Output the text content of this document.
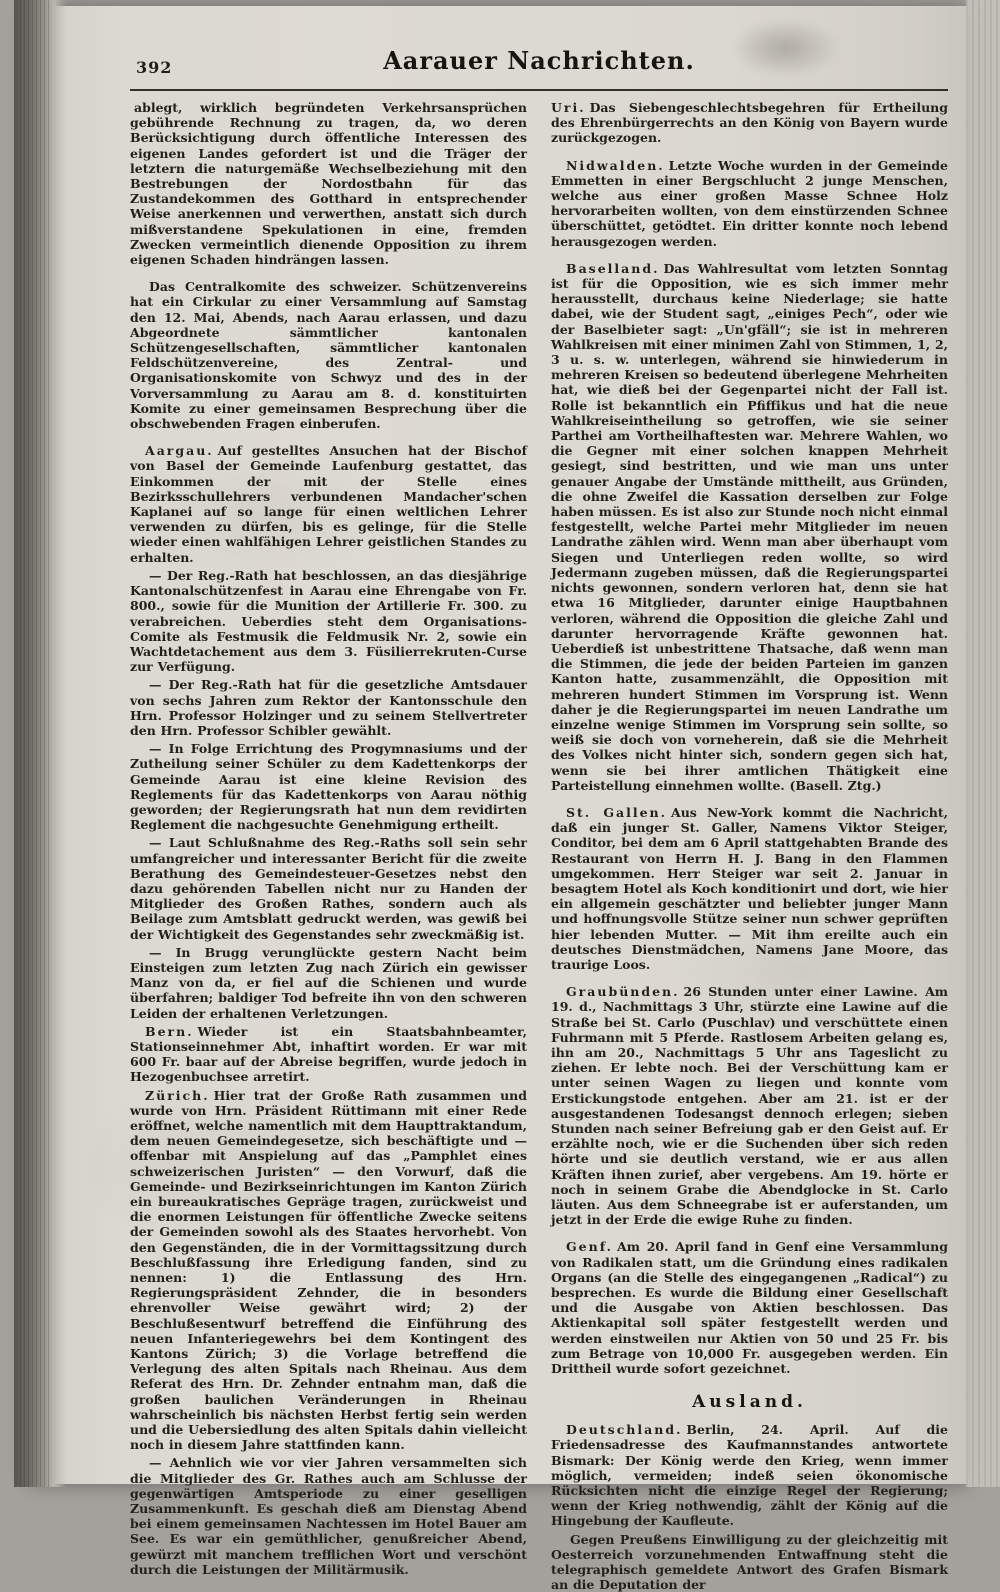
392	Aarauer Nachrichten.

ablegt, wirklich begründeten Verkehrsansprüchen gebührende Rechnung zu tragen, da, wo deren Berücksichtigung durch öffentliche Interessen des eigenen Landes gefordert ist und die Träger der letztern die naturgemäße Wechselbeziehung mit den Bestrebungen der Nordostbahn für das Zustandekommen des Gotthard in entsprechender Weise anerkennen und verwerthen, anstatt sich durch mißverstandene Spekulationen in eine, fremden Zwecken vermeintlich dienende Opposition zu ihrem eigenen Schaden hindrängen lassen.

Das Centralkomite des schweizer. Schützenvereins hat ein Cirkular zu einer Versammlung auf Samstag den 12. Mai, Abends, nach Aarau erlassen, und dazu Abgeordnete sämmtlicher kantonalen Schützengesellschaften, sämmtlicher kantonalen Feldschützenvereine, des Zentral- und Organisationskomite von Schwyz und des in der Vorversammlung zu Aarau am 8. d. konstituirten Komite zu einer gemeinsamen Besprechung über die obschwebenden Fragen einberufen.

Aargau. Auf gestelltes Ansuchen hat der Bischof von Basel der Gemeinde Laufenburg gestattet, das Einkommen der mit der Stelle eines Bezirksschullehrers verbundenen Mandacher'schen Kaplanei auf so lange für einen weltlichen Lehrer verwenden zu dürfen, bis es gelinge, für die Stelle wieder einen wahlfähigen Lehrer geistlichen Standes zu erhalten.

— Der Reg.-Rath hat beschlossen, an das diesjährige Kantonalschützenfest in Aarau eine Ehrengabe von Fr. 800., sowie für die Munition der Artillerie Fr. 300. zu verabreichen. Ueberdies steht dem Organisations-Comite als Festmusik die Feldmusik Nr. 2, sowie ein Wachtdetachement aus dem 3. Füsilierrekruten-Curse zur Verfügung.

— Der Reg.-Rath hat für die gesetzliche Amtsdauer von sechs Jahren zum Rektor der Kantonsschule den Hrn. Professor Holzinger und zu seinem Stellvertreter den Hrn. Professor Schibler gewählt.

— In Folge Errichtung des Progymnasiums und der Zutheilung seiner Schüler zu dem Kadettenkorps der Gemeinde Aarau ist eine kleine Revision des Reglements für das Kadettenkorps von Aarau nöthig geworden; der Regierungsrath hat nun dem revidirten Reglement die nachgesuchte Genehmigung ertheilt.

— Laut Schlußnahme des Reg.-Raths soll sein sehr umfangreicher und interessanter Bericht für die zweite Berathung des Gemeindesteuer-Gesetzes nebst den dazu gehörenden Tabellen nicht nur zu Handen der Mitglieder des Großen Rathes, sondern auch als Beilage zum Amtsblatt gedruckt werden, was gewiß bei der Wichtigkeit des Gegenstandes sehr zweckmäßig ist.

— In Brugg verunglückte gestern Nacht beim Einsteigen zum letzten Zug nach Zürich ein gewisser Manz von da, er fiel auf die Schienen und wurde überfahren; baldiger Tod befreite ihn von den schweren Leiden der erhaltenen Verletzungen.

Bern. Wieder ist ein Staatsbahnbeamter, Stationseinnehmer Abt, inhaftirt worden. Er war mit 600 Fr. baar auf der Abreise begriffen, wurde jedoch in Hezogenbuchsee arretirt.

Zürich. Hier trat der Große Rath zusammen und wurde von Hrn. Präsident Rüttimann mit einer Rede eröffnet, welche namentlich mit dem Haupttraktandum, dem neuen Gemeindegesetze, sich beschäftigte und — offenbar mit Anspielung auf das „Pamphlet eines schweizerischen Juristen“ — den Vorwurf, daß die Gemeinde- und Bezirkseinrichtungen im Kanton Zürich ein bureaukratisches Gepräge tragen, zurückweist und die enormen Leistungen für öffentliche Zwecke seitens der Gemeinden sowohl als des Staates hervorhebt. Von den Gegenständen, die in der Vormittagssitzung durch Beschlußfassung ihre Erledigung fanden, sind zu nennen: 1) die Entlassung des Hrn. Regierungspräsident Zehnder, die in besonders ehrenvoller Weise gewährt wird; 2) der Beschlußesentwurf betreffend die Einführung des neuen Infanteriegewehrs bei dem Kontingent des Kantons Zürich; 3) die Vorlage betreffend die Verlegung des alten Spitals nach Rheinau. Aus dem Referat des Hrn. Dr. Zehnder entnahm man, daß die großen baulichen Veränderungen in Rheinau wahrscheinlich bis nächsten Herbst fertig sein werden und die Uebersiedlung des alten Spitals dahin vielleicht noch in diesem Jahre stattfinden kann.

— Aehnlich wie vor vier Jahren versammelten sich die Mitglieder des Gr. Rathes auch am Schlusse der gegenwärtigen Amtsperiode zu einer geselligen Zusammenkunft. Es geschah dieß am Dienstag Abend bei einem gemeinsamen Nachtessen im Hotel Bauer am See. Es war ein gemüthlicher, genußreicher Abend, gewürzt mit manchem trefflichen Wort und verschönt durch die Leistungen der Militärmusik.

Uri. Das Siebengeschlechtsbegehren für Ertheilung des Ehrenbürgerrechts an den König von Bayern wurde zurückgezogen.

Nidwalden. Letzte Woche wurden in der Gemeinde Emmetten in einer Bergschlucht 2 junge Menschen, welche aus einer großen Masse Schnee Holz hervorarbeiten wollten, von dem einstürzenden Schnee überschüttet, getödtet. Ein dritter konnte noch lebend herausgezogen werden.

Baselland. Das Wahlresultat vom letzten Sonntag ist für die Opposition, wie es sich immer mehr herausstellt, durchaus keine Niederlage; sie hatte dabei, wie der Student sagt, „einiges Pech“, oder wie der Baselbieter sagt: „Un'gfäll“; sie ist in mehreren Wahlkreisen mit einer minimen Zahl von Stimmen, 1, 2, 3 u. s. w. unterlegen, während sie hinwiederum in mehreren Kreisen so bedeutend überlegene Mehrheiten hat, wie dieß bei der Gegenpartei nicht der Fall ist. Rolle ist bekanntlich ein Pfiffikus und hat die neue Wahlkreiseintheilung so getroffen, wie sie seiner Parthei am Vortheilhaftesten war. Mehrere Wahlen, wo die Gegner mit einer solchen knappen Mehrheit gesiegt, sind bestritten, und wie man uns unter genauer Angabe der Umstände mittheilt, aus Gründen, die ohne Zweifel die Kassation derselben zur Folge haben müssen. Es ist also zur Stunde noch nicht einmal festgestellt, welche Partei mehr Mitglieder im neuen Landrathe zählen wird. Wenn man aber überhaupt vom Siegen und Unterliegen reden wollte, so wird Jedermann zugeben müssen, daß die Regierungspartei nichts gewonnen, sondern verloren hat, denn sie hat etwa 16 Mitglieder, darunter einige Hauptbahnen verloren, während die Opposition die gleiche Zahl und darunter hervorragende Kräfte gewonnen hat. Ueberdieß ist unbestrittene Thatsache, daß wenn man die Stimmen, die jede der beiden Parteien im ganzen Kanton hatte, zusammenzählt, die Opposition mit mehreren hundert Stimmen im Vorsprung ist. Wenn daher je die Regierungspartei im neuen Landrathe um einzelne wenige Stimmen im Vorsprung sein sollte, so weiß sie doch von vorneherein, daß sie die Mehrheit des Volkes nicht hinter sich, sondern gegen sich hat, wenn sie bei ihrer amtlichen Thätigkeit eine Parteistellung einnehmen wollte. (Basell. Ztg.)

St. Gallen. Aus New-York kommt die Nachricht, daß ein junger St. Galler, Namens Viktor Steiger, Conditor, bei dem am 6 April stattgehabten Brande des Restaurant von Herrn H. J. Bang in den Flammen umgekommen. Herr Steiger war seit 2. Januar in besagtem Hotel als Koch konditionirt und dort, wie hier ein allgemein geschätzter und beliebter junger Mann und hoffnungsvolle Stütze seiner nun schwer geprüften hier lebenden Mutter. — Mit ihm ereilte auch ein deutsches Dienstmädchen, Namens Jane Moore, das traurige Loos.

Graubünden. 26 Stunden unter einer Lawine. Am 19. d., Nachmittags 3 Uhr, stürzte eine Lawine auf die Straße bei St. Carlo (Puschlav) und verschüttete einen Fuhrmann mit 5 Pferde. Rastlosem Arbeiten gelang es, ihn am 20., Nachmittags 5 Uhr ans Tageslicht zu ziehen. Er lebte noch. Bei der Verschüttung kam er unter seinen Wagen zu liegen und konnte vom Erstickungstode entgehen. Aber am 21. ist er der ausgestandenen Todesangst dennoch erlegen; sieben Stunden nach seiner Befreiung gab er den Geist auf. Er erzählte noch, wie er die Suchenden über sich reden hörte und sie deutlich verstand, wie er aus allen Kräften ihnen zurief, aber vergebens. Am 19. hörte er noch in seinem Grabe die Abendglocke in St. Carlo läuten. Aus dem Schneegrabe ist er auferstanden, um jetzt in der Erde die ewige Ruhe zu finden.

Genf. Am 20. April fand in Genf eine Versammlung von Radikalen statt, um die Gründung eines radikalen Organs (an die Stelle des eingegangenen „Radical“) zu besprechen. Es wurde die Bildung einer Gesellschaft und die Ausgabe von Aktien beschlossen. Das Aktienkapital soll später festgestellt werden und werden einstweilen nur Aktien von 50 und 25 Fr. bis zum Betrage von 10,000 Fr. ausgegeben werden. Ein Drittheil wurde sofort gezeichnet.

Ausland.

Deutschland. Berlin, 24. April. Auf die Friedensadresse des Kaufmannstandes antwortete Bismark: Der König werde den Krieg, wenn immer möglich, vermeiden; indeß seien ökonomische Rücksichten nicht die einzige Regel der Regierung; wenn der Krieg nothwendig, zählt der König auf die Hingebung der Kaufleute.

Gegen Preußens Einwilligung zu der gleichzeitig mit Oesterreich vorzunehmenden Entwaffnung steht die telegraphisch gemeldete Antwort des Grafen Bismark an die Deputation der
